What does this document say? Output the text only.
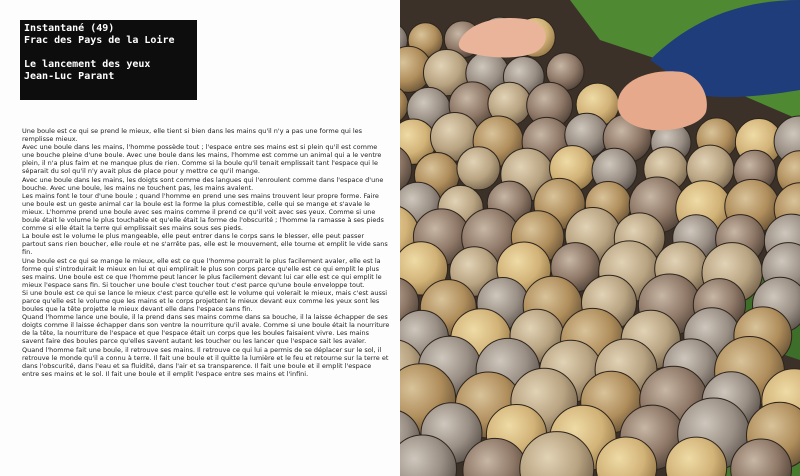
Instantané (49)
Frac des Pays de la Loire
Le lancement des yeux
Jean-Luc Parant

Une boule est ce qui se prend le mieux, elle tient si bien dans les mains qu'il n'y a pas une forme qui les remplisse mieux.

Avec une boule dans les mains, l'homme possède tout ; l'espace entre ses mains est si plein qu'il est comme une bouche pleine d'une boule. Avec une boule dans les mains, l'homme est comme un animal qui a le ventre plein, il n'a plus faim et ne manque plus de rien. Comme si la boule qu'il tenait emplissait tant l'espace qui le séparait du sol qu'il n'y avait plus de place pour y mettre ce qu'il mange.

Avec une boule dans les mains, les doigts sont comme des langues qui l'enroulent comme dans l'espace d'une bouche. Avec une boule, les mains ne touchent pas, les mains avalent.

Les mains font le tour d'une boule ; quand l'homme en prend une ses mains trouvent leur propre forme. Faire une boule est un geste animal car la boule est la forme la plus comestible, celle qui se mange et s'avale le mieux. L'homme prend une boule avec ses mains comme il prend ce qu'il voit avec ses yeux. Comme si une boule était le volume le plus touchable et qu'elle était la forme de l'obscurité ; l'homme la ramasse à ses pieds comme si elle était la terre qui emplissait ses mains sous ses pieds.

La boule est le volume le plus mangeable, elle peut entrer dans le corps sans le blesser, elle peut passer partout sans rien boucher, elle roule et ne s'arrête pas, elle est le mouvement, elle tourne et emplit le vide sans fin.

Une boule est ce qui se mange le mieux, elle est ce que l'homme pourrait le plus facilement avaler, elle est la forme qui s'introduirait le mieux en lui et qui emplirait le plus son corps parce qu'elle est ce qui emplit le plus ses mains. Une boule est ce que l'homme peut lancer le plus facilement devant lui car elle est ce qui emplit le mieux l'espace sans fin. Si toucher une boule c'est toucher tout c'est parce qu'une boule enveloppe tout.

Si une boule est ce qui se lance le mieux c'est parce qu'elle est le volume qui volerait le mieux, mais c'est aussi parce qu'elle est le volume que les mains et le corps projettent le mieux devant eux comme les yeux sont les boules que la tête projette le mieux devant elle dans l'espace sans fin.

Quand l'homme lance une boule, il la prend dans ses mains comme dans sa bouche, il la laisse échapper de ses doigts comme il laisse échapper dans son ventre la nourriture qu'il avale. Comme si une boule était la nourriture de la tête, la nourriture de l'espace et que l'espace était un corps que les boules faisaient vivre. Les mains savent faire des boules parce qu'elles savent autant les toucher ou les lancer que l'espace sait les avaler.

Quand l'homme fait une boule, il retrouve ses mains. Il retrouve ce qui lui a permis de se déplacer sur le sol, il retrouve le monde qu'il a connu à terre. Il fait une boule et il quitte la lumière et le feu et retourne sur la terre et dans l'obscurité, dans l'eau et sa fluidité, dans l'air et sa transparence. Il fait une boule et il emplit l'espace entre ses mains et le sol. Il fait une boule et il emplit l'espace entre ses mains et l'infini.
